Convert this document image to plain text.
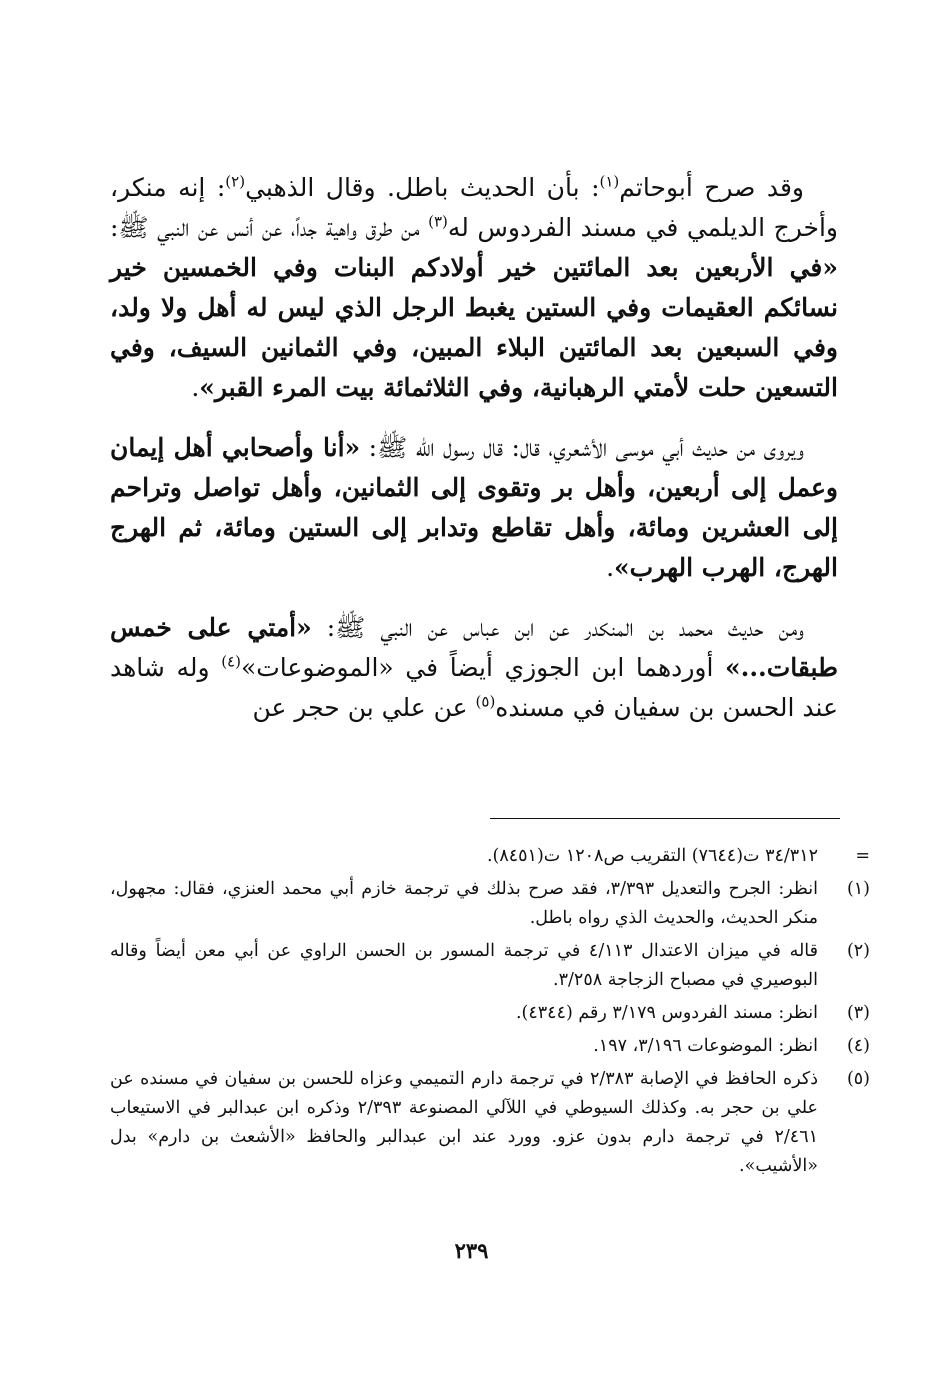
وقد صرح أبوحاتم$^{(١)}$: بأن الحديث باطل. وقال الذهبي$^{(٢)}$: إنه منكر، وأخرج الديلمي في مسند الفردوس له$^{(٣)}$ من طرق واهية جداً، عن أنس عن النبي ﷺ: «في الأربعين بعد المائتين خير أولادكم البنات وفي الخمسين خير نسائكم العقيمات وفي الستين يغبط الرجل الذي ليس له أهل ولا ولد، وفي السبعين بعد المائتين البلاء المبين، وفي الثمانين السيف، وفي التسعين حلت لأمتي الرهبانية، وفي الثلاثمائة بيت المرء القبر».

ويروى من حديث أبي موسى الأشعري، قال: قال رسول الله ﷺ: «أنا وأصحابي أهل إيمان وعمل إلى أربعين، وأهل بر وتقوى إلى الثمانين، وأهل تواصل وتراحم إلى العشرين ومائة، وأهل تقاطع وتدابر إلى الستين ومائة، ثم الهرج الهرج، الهرب الهرب».

ومن حديث محمد بن المنكدر عن ابن عباس عن النبي ﷺ: «أمتي على خمس طبقات...» أوردهما ابن الجوزي أيضاً في «الموضوعات»$^{(٤)}$ وله شاهد عند الحسن بن سفيان في مسنده$^{(٥)}$ عن علي بن حجر عن

=
٣٤/٣١٢ ت(٧٦٤٤) التقريب ص١٢٠٨ ت(٨٤٥١).
(١)
انظر: الجرح والتعديل ٣/٣٩٣، فقد صرح بذلك في ترجمة خازم أبي محمد العنزي، فقال: مجهول، منكر الحديث، والحديث الذي رواه باطل.
(٢)
قاله في ميزان الاعتدال ٤/١١٣ في ترجمة المسور بن الحسن الراوي عن أبي معن أيضاً وقاله البوصيري في مصباح الزجاجة ٣/٢٥٨.
(٣)
انظر: مسند الفردوس ٣/١٧٩ رقم (٤٣٤٤).
(٤)
انظر: الموضوعات ٣/١٩٦، ١٩٧.
(٥)
ذكره الحافظ في الإصابة ٢/٣٨٣ في ترجمة دارم التميمي وعزاه للحسن بن سفيان في مسنده عن علي بن حجر به. وكذلك السيوطي في اللآلي المصنوعة ٢/٣٩٣ وذكره ابن عبدالبر في الاستيعاب ٢/٤٦١ في ترجمة دارم بدون عزو. وورد عند ابن عبدالبر والحافظ «الأشعث بن دارم» بدل «الأشيب».
٢٣٩
